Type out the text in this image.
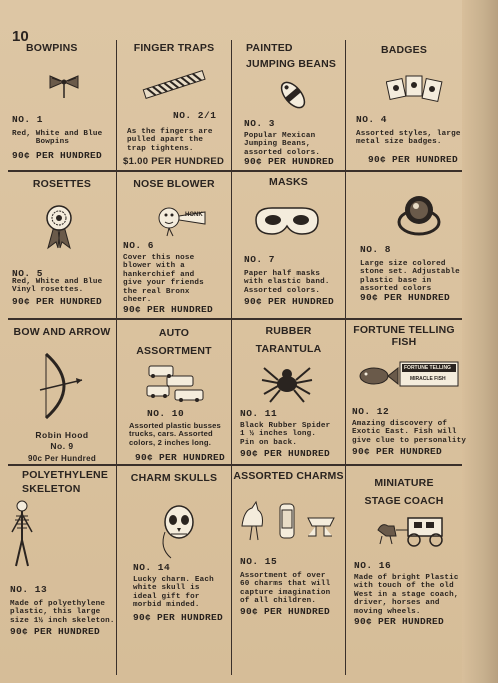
10
BOWPINS
NO. 1
Red, White and Blue
Bowpins
90¢ PER HUNDRED
FINGER TRAPS
NO. 2/1
As the fingers are
pulled apart the
trap tightens.
$1.00 PER HUNDRED
PAINTED
JUMPING BEANS
NO. 3
Popular Mexican
Jumping Beans,
assorted colors.
90¢ PER HUNDRED
BADGES
NO. 4
Assorted styles, large
metal size badges.
90¢ PER HUNDRED
ROSETTES
NO. 5
Red, White and Blue
Vinyl rosettes.
90¢ PER HUNDRED
NOSE BLOWER
HONK
NO. 6
Cover this nose
blower with a
hankerchief and
give your friends
the real Bronx
cheer.
90¢ PER HUNDRED
MASKS
NO. 7
Paper half masks
with elastic band.
Assorted colors.
90¢ PER HUNDRED
NO. 8
Large size colored
stone set. Adjustable
plastic base in
assorted colors
90¢ PER HUNDRED
BOW AND ARROW
Robin Hood
No. 9
90c Per Hundred
AUTO
ASSORTMENT
NO. 10
Assorted plastic busses
trucks, cars. Assorted
colors, 2 inches long.
90¢ PER HUNDRED
RUBBER
TARANTULA
NO. 11
Black Rubber Spider
1 ½ inches long.
Pin on back.
90¢ PER HUNDRED
FORTUNE TELLING
FISH
FORTUNE TELLING
MIRACLE FISH
NO. 12
Amazing discovery of
Exotic East. Fish will
give clue to personality
90¢ PER HUNDRED
POLYETHYLENE
SKELETON
NO. 13
Made of polyethylene
plastic, this large
size 1½ inch skeleton.
90¢ PER HUNDRED
CHARM SKULLS
NO. 14
Lucky charm. Each
white skull is
ideal gift for
morbid minded.
90¢ PER HUNDRED
ASSORTED CHARMS
NO. 15
Assortment of over
60 charms that will
capture imagination
of all children.
90¢ PER HUNDRED
MINIATURE
STAGE COACH
NO. 16
Made of bright Plastic
with touch of the old
West in a stage coach,
driver, horses and
moving wheels.
90¢ PER HUNDRED
